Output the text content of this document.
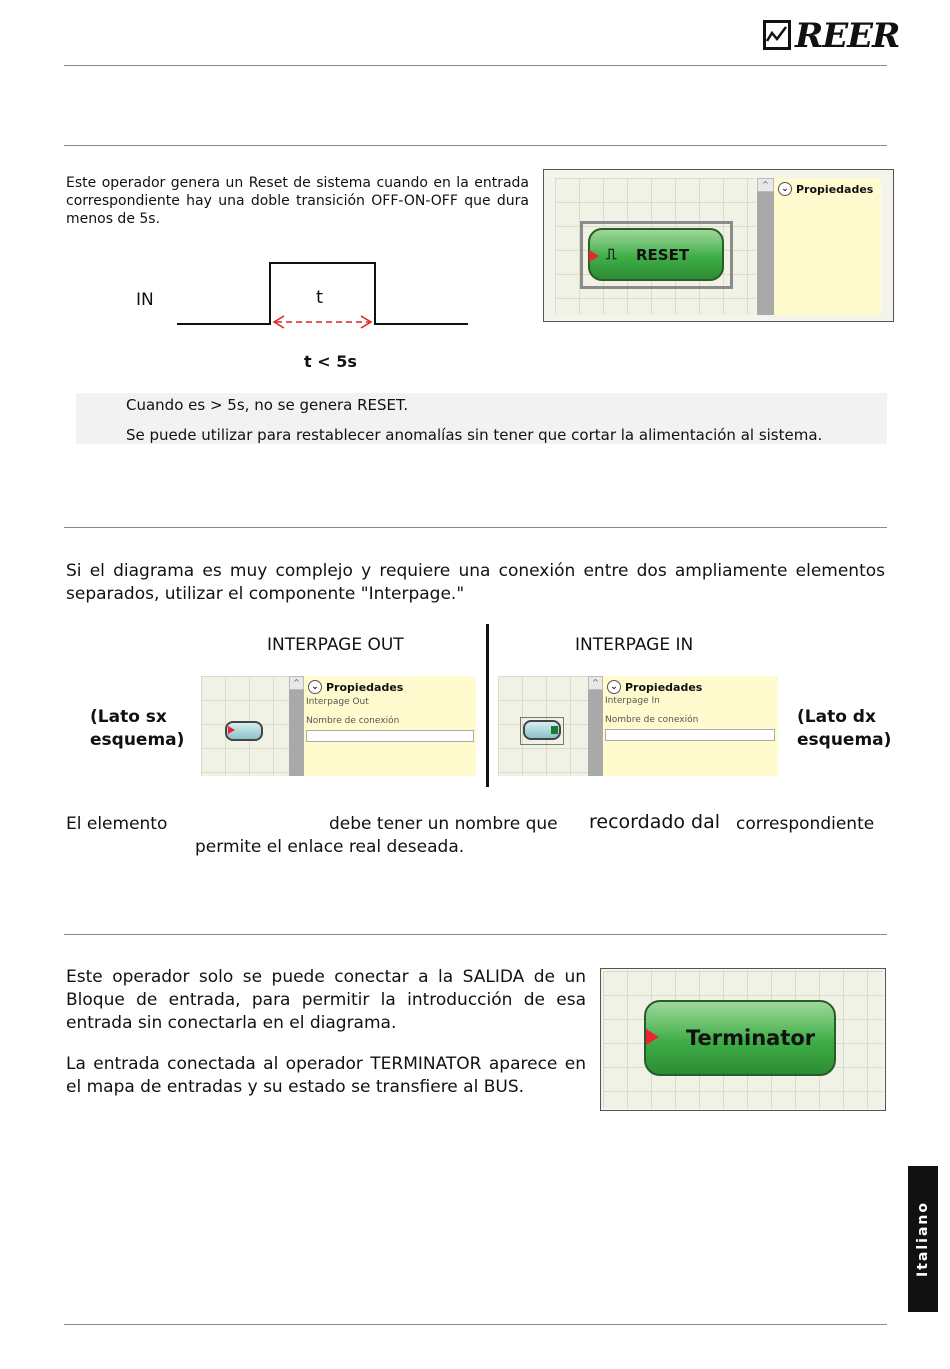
REER
Este operador genera un Reset de sistema cuando en la entrada correspondiente hay una doble transición OFF-ON-OFF que dura menos de 5s.
IN	t
t < 5s
⎍ RESET
^	⌄ Propiedades
Cuando es > 5s, no se genera RESET.
Se puede utilizar para restablecer anomalías sin tener que cortar la alimentación al sistema.
Si el diagrama es muy complejo y requiere una conexión entre dos ampliamente elementos separados, utilizar el componente "Interpage."
INTERPAGE OUT	INTERPAGE IN
(Lato sx esquema)
(Lato dx esquema)
^	⌄ Propiedades
Interpage Out
Nombre de conexión
^	⌄ Propiedades
Interpage In
Nombre de conexión
El elemento	debe tener un nombre que recordado dal correspondiente
permite el enlace real deseada.
Este operador solo se puede conectar a la SALIDA de un Bloque de entrada, para permitir la introducción de esa entrada sin conectarla en el diagrama.
La entrada conectada al operador TERMINATOR aparece en el mapa de entradas y su estado se transfiere al BUS.
Terminator
Italiano
